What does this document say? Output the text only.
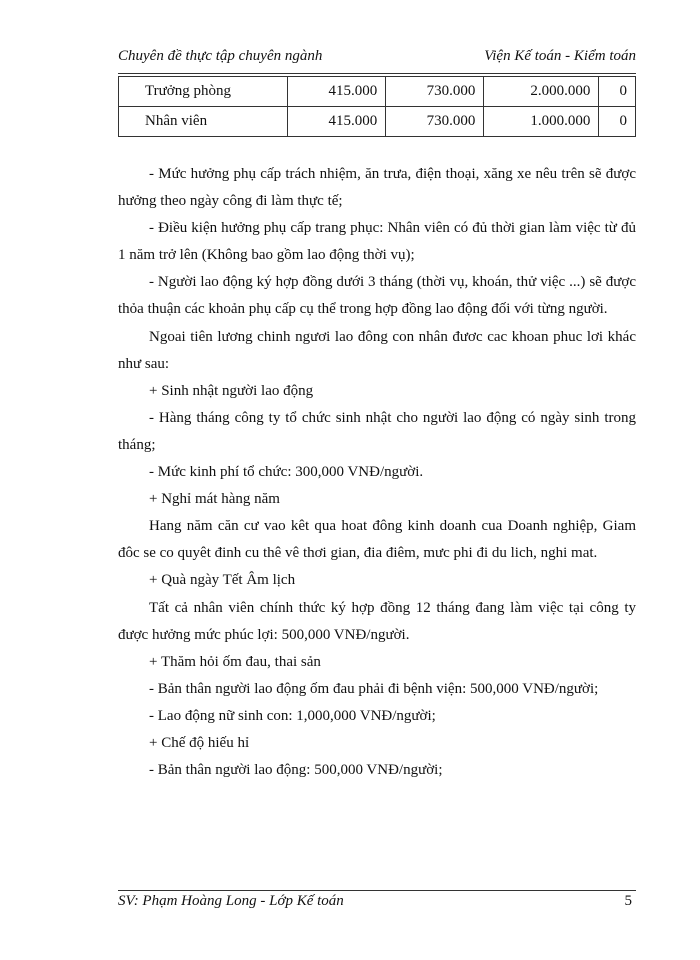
Chuyên đề thực tập chuyên ngành	Viện Kế toán - Kiểm toán
Trưởng phòng	415.000	730.000	2.000.000	0
Nhân viên	415.000	730.000	1.000.000	0

- Mức hưởng phụ cấp trách nhiệm, ăn trưa, điện thoại, xăng xe nêu trên sẽ được hưởng theo ngày công đi làm thực tế;

- Điều kiện hưởng phụ cấp trang phục: Nhân viên có đủ thời gian làm việc từ đủ 1 năm trở lên (Không bao gồm lao động thời vụ);

- Người lao động ký hợp đồng dưới 3 tháng (thời vụ, khoán, thử việc ...) sẽ được thỏa thuận các khoản phụ cấp cụ thể trong hợp đồng lao động đối với từng người.

Ngoai tiên lương chinh ngươi lao đông con nhân đươc cac khoan phuc lơi khác như sau:

+ Sinh nhật người lao động

- Hàng tháng công ty tổ chức sinh nhật cho người lao động có ngày sinh trong tháng;

- Mức kinh phí tổ chức: 300,000 VNĐ/người.

+ Nghỉ mát hàng năm

Hang năm căn cư vao kêt qua hoat đông kinh doanh cua Doanh nghiệp, Giam đôc se co quyêt đinh cu thê vê thơi gian, đia điêm, mưc phi đi du lich, nghi mat.

+ Quà ngày Tết Âm lịch

Tất cả nhân viên chính thức ký hợp đồng 12 tháng đang làm việc tại công ty được hưởng mức phúc lợi: 500,000 VNĐ/người.

+ Thăm hỏi ốm đau, thai sản

- Bản thân người lao động ốm đau phải đi bệnh viện: 500,000 VNĐ/người;

- Lao động nữ sinh con: 1,000,000 VNĐ/người;

+ Chế độ hiếu hỉ

- Bản thân người lao động: 500,000 VNĐ/người;

SV: Phạm Hoàng Long - Lớp Kế toán	5
